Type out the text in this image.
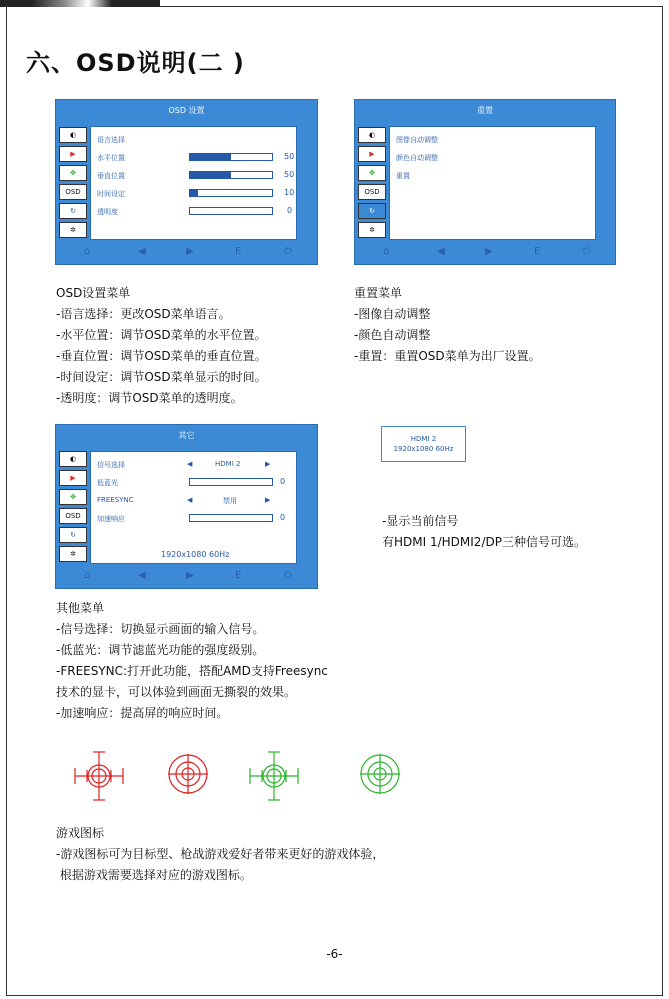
六、OSD说明(二 )
OSD 设置
◐
▶
✥
OSD
↻
✲
语言选择
水平位置	50
垂直位置	50
时间设定	10
透明度	0
⌂	◀	▶	E	⏻
重置
◐
▶
✥
OSD
↻
✲
图像自动调整
颜色自动调整
重置
⌂	◀	▶	E	⏻
OSD设置菜单
-语言选择：更改OSD菜单语言。
-水平位置：调节OSD菜单的水平位置。
-垂直位置：调节OSD菜单的垂直位置。
-时间设定：调节OSD菜单显示的时间。
-透明度：调节OSD菜单的透明度。
重置菜单
-图像自动调整
-颜色自动调整
-重置：重置OSD菜单为出厂设置。
其它
◐
▶
✥
OSD
↻
✲
信号选择	◀	HDMI 2	▶
低蓝光	0
FREESYNC	◀	禁用	▶
加速响应	0
1920x1080 60Hz
⌂	◀	▶	E	⏻
HDMI 2
1920x1080 60Hz
-显示当前信号
有HDMI 1/HDMI2/DP三种信号可选。
其他菜单
-信号选择：切换显示画面的输入信号。
-低蓝光：调节滤蓝光功能的强度级别。
-FREESYNC:打开此功能，搭配AMD支持Freesync
技术的显卡，可以体验到画面无撕裂的效果。
-加速响应：提高屏的响应时间。
游戏图标
-游戏图标可为目标型、枪战游戏爱好者带来更好的游戏体验，
根据游戏需要选择对应的游戏图标。
-6-
